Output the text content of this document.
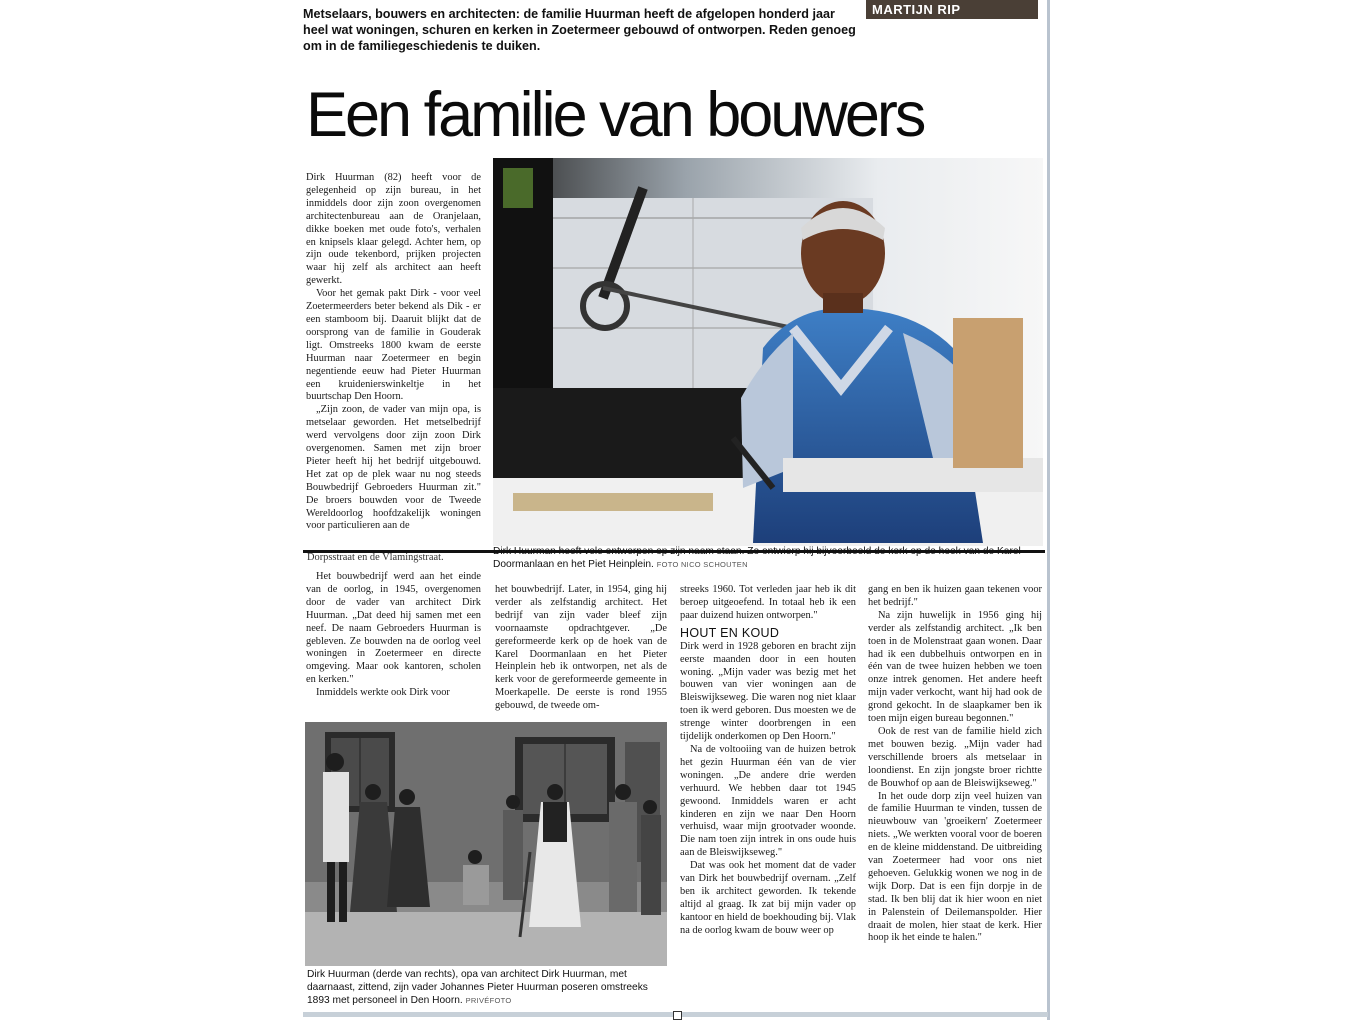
Metselaars, bouwers en architecten: de familie Huurman heeft de afgelopen honderd jaar heel wat woningen, schuren en kerken in Zoetermeer gebouwd of ontworpen. Reden genoeg om in de familiegeschiedenis te duiken.
MARTIJN RIP
Een familie van bouwers

Dirk Huurman (82) heeft voor de gelegenheid op zijn bureau, in het inmiddels door zijn zoon overgenomen architectenbureau aan de Oranjelaan, dikke boeken met oude foto's, verhalen en knipsels klaar gelegd. Achter hem, op zijn oude tekenbord, prijken projecten waar hij zelf als architect aan heeft gewerkt.

Voor het gemak pakt Dirk - voor veel Zoetermeerders beter bekend als Dik - er een stamboom bij. Daaruit blijkt dat de oorsprong van de familie in Gouderak ligt. Omstreeks 1800 kwam de eerste Huurman naar Zoetermeer en begin negentiende eeuw had Pieter Huurman een kruidenierswinkeltje in het buurtschap Den Hoorn.

„Zijn zoon, de vader van mijn opa, is metselaar geworden. Het metselbedrijf werd vervolgens door zijn zoon Dirk overgenomen. Samen met zijn broer Pieter heeft hij het bedrijf uitgebouwd. Het zat op de plek waar nu nog steeds Bouwbedrijf Gebroeders Huurman zit." De broers bouwden voor de Tweede Wereldoorlog hoofdzakelijk woningen voor particulieren aan de

Dirk Huurman heeft vele ontwerpen op zijn naam staan. Zo ontwierp hij bijvoorbeeld de kerk op de hoek van de Karel Doormanlaan en het Piet Heinplein. FOTO NICO SCHOUTEN
Dorpsstraat en de Vlamingstraat.

Het bouwbedrijf werd aan het einde van de oorlog, in 1945, overgenomen door de vader van architect Dirk Huurman. „Dat deed hij samen met een neef. De naam Gebroeders Huurman is gebleven. Ze bouwden na de oorlog veel woningen in Zoetermeer en directe omgeving. Maar ook kantoren, scholen en kerken."

Inmiddels werkte ook Dirk voor

het bouwbedrijf. Later, in 1954, ging hij verder als zelfstandig architect. Het bedrijf van zijn vader bleef zijn voornaamste opdrachtgever. „De gereformeerde kerk op de hoek van de Karel Doormanlaan en het Pieter Heinplein heb ik ontworpen, net als de kerk voor de gereformeerde gemeente in Moerkapelle. De eerste is rond 1955 gebouwd, de tweede om-

streeks 1960. Tot verleden jaar heb ik dit beroep uitgeoefend. In totaal heb ik een paar duizend huizen ontworpen."

HOUT EN KOUD

Dirk werd in 1928 geboren en bracht zijn eerste maanden door in een houten woning. „Mijn vader was bezig met het bouwen van vier woningen aan de Bleiswijkseweg. Die waren nog niet klaar toen ik werd geboren. Dus moesten we de strenge winter doorbrengen in een tijdelijk onderkomen op Den Hoorn."

Na de voltooiing van de huizen betrok het gezin Huurman één van de vier woningen. „De andere drie werden verhuurd. We hebben daar tot 1945 gewoond. Inmiddels waren er acht kinderen en zijn we naar Den Hoorn verhuisd, waar mijn grootvader woonde. Die nam toen zijn intrek in ons oude huis aan de Bleiswijkseweg."

Dat was ook het moment dat de vader van Dirk het bouwbedrijf overnam. „Zelf ben ik architect geworden. Ik tekende altijd al graag. Ik zat bij mijn vader op kantoor en hield de boekhouding bij. Vlak na de oorlog kwam de bouw weer op

gang en ben ik huizen gaan tekenen voor het bedrijf."

Na zijn huwelijk in 1956 ging hij verder als zelfstandig architect. „Ik ben toen in de Molenstraat gaan wonen. Daar had ik een dubbelhuis ontworpen en in één van de twee huizen hebben we toen onze intrek genomen. Het andere heeft mijn vader verkocht, want hij had ook de grond gekocht. In de slaapkamer ben ik toen mijn eigen bureau begonnen."

Ook de rest van de familie hield zich met bouwen bezig. „Mijn vader had verschillende broers als metselaar in loondienst. En zijn jongste broer richtte de Bouwhof op aan de Bleiswijkseweg."

In het oude dorp zijn veel huizen van de familie Huurman te vinden, tussen de nieuwbouw van 'groeikern' Zoetermeer niets. „We werkten vooral voor de boeren en de kleine middenstand. De uitbreiding van Zoetermeer had voor ons niet gehoeven. Gelukkig wonen we nog in de wijk Dorp. Dat is een fijn dorpje in de stad. Ik ben blij dat ik hier woon en niet in Palenstein of Deilemanspolder. Hier draait de molen, hier staat de kerk. Hier hoop ik het einde te halen."

Dirk Huurman (derde van rechts), opa van architect Dirk Huurman, met daarnaast, zittend, zijn vader Johannes Pieter Huurman poseren omstreeks 1893 met personeel in Den Hoorn. PRIVÉFOTO
